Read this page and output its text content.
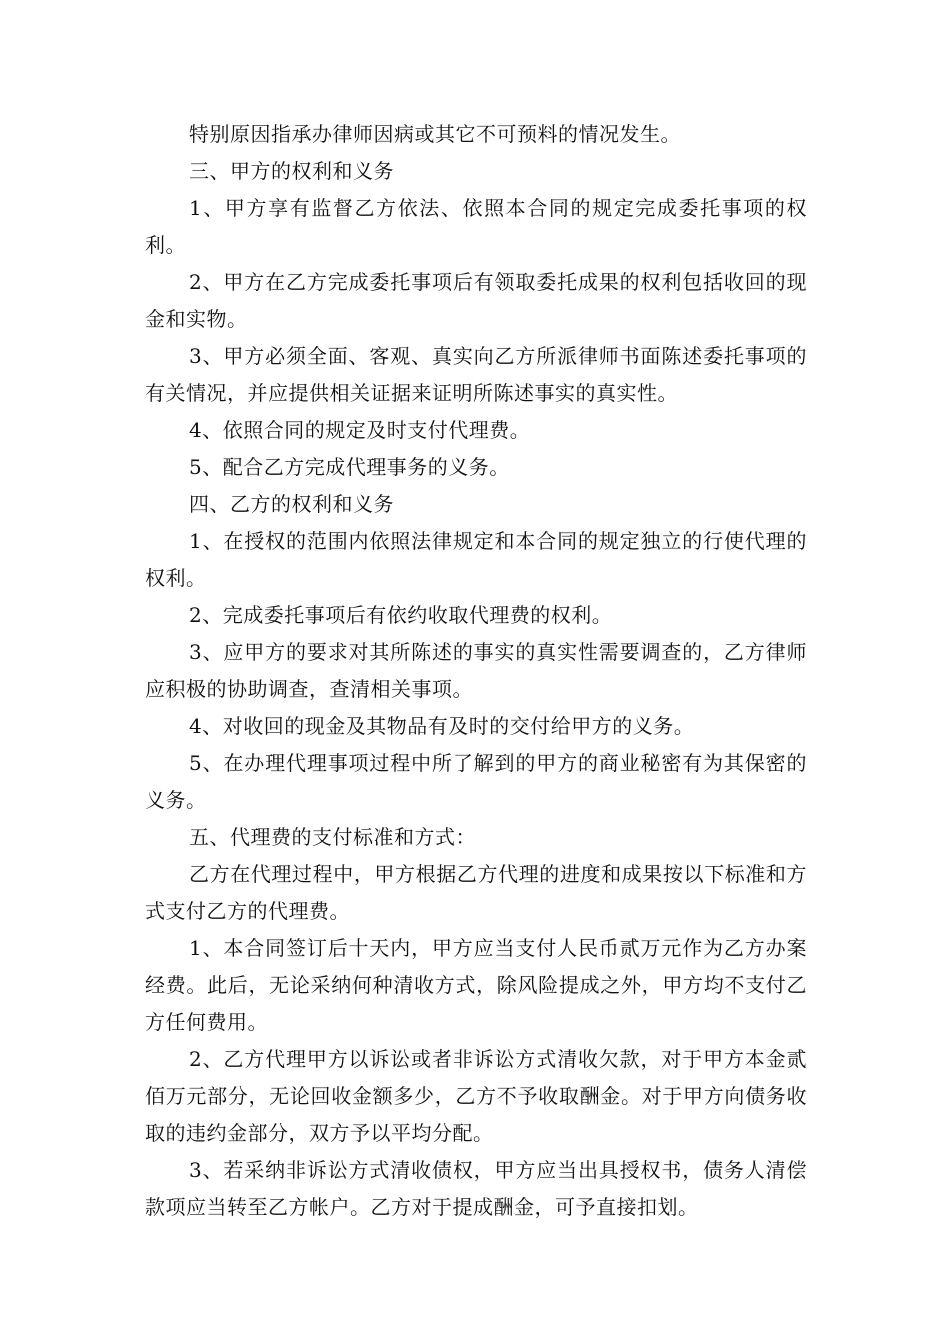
特别原因指承办律师因病或其它不可预料的情况发生。

三、甲方的权利和义务

1、甲方享有监督乙方依法、依照本合同的规定完成委托事项的权利。

2、甲方在乙方完成委托事项后有领取委托成果的权利包括收回的现金和实物。

3、甲方必须全面、客观、真实向乙方所派律师书面陈述委托事项的有关情况，并应提供相关证据来证明所陈述事实的真实性。

4、依照合同的规定及时支付代理费。

5、配合乙方完成代理事务的义务。

四、乙方的权利和义务

1、在授权的范围内依照法律规定和本合同的规定独立的行使代理的权利。

2、完成委托事项后有依约收取代理费的权利。

3、应甲方的要求对其所陈述的事实的真实性需要调查的，乙方律师应积极的协助调查，查清相关事项。

4、对收回的现金及其物品有及时的交付给甲方的义务。

5、在办理代理事项过程中所了解到的甲方的商业秘密有为其保密的义务。

五、代理费的支付标准和方式：

乙方在代理过程中，甲方根据乙方代理的进度和成果按以下标准和方式支付乙方的代理费。

1、本合同签订后十天内，甲方应当支付人民币贰万元作为乙方办案经费。此后，无论采纳何种清收方式，除风险提成之外，甲方均不支付乙方任何费用。

2、乙方代理甲方以诉讼或者非诉讼方式清收欠款，对于甲方本金贰佰万元部分，无论回收金额多少，乙方不予收取酬金。对于甲方向债务收取的违约金部分，双方予以平均分配。

3、若采纳非诉讼方式清收债权，甲方应当出具授权书，债务人清偿款项应当转至乙方帐户。乙方对于提成酬金，可予直接扣划。
